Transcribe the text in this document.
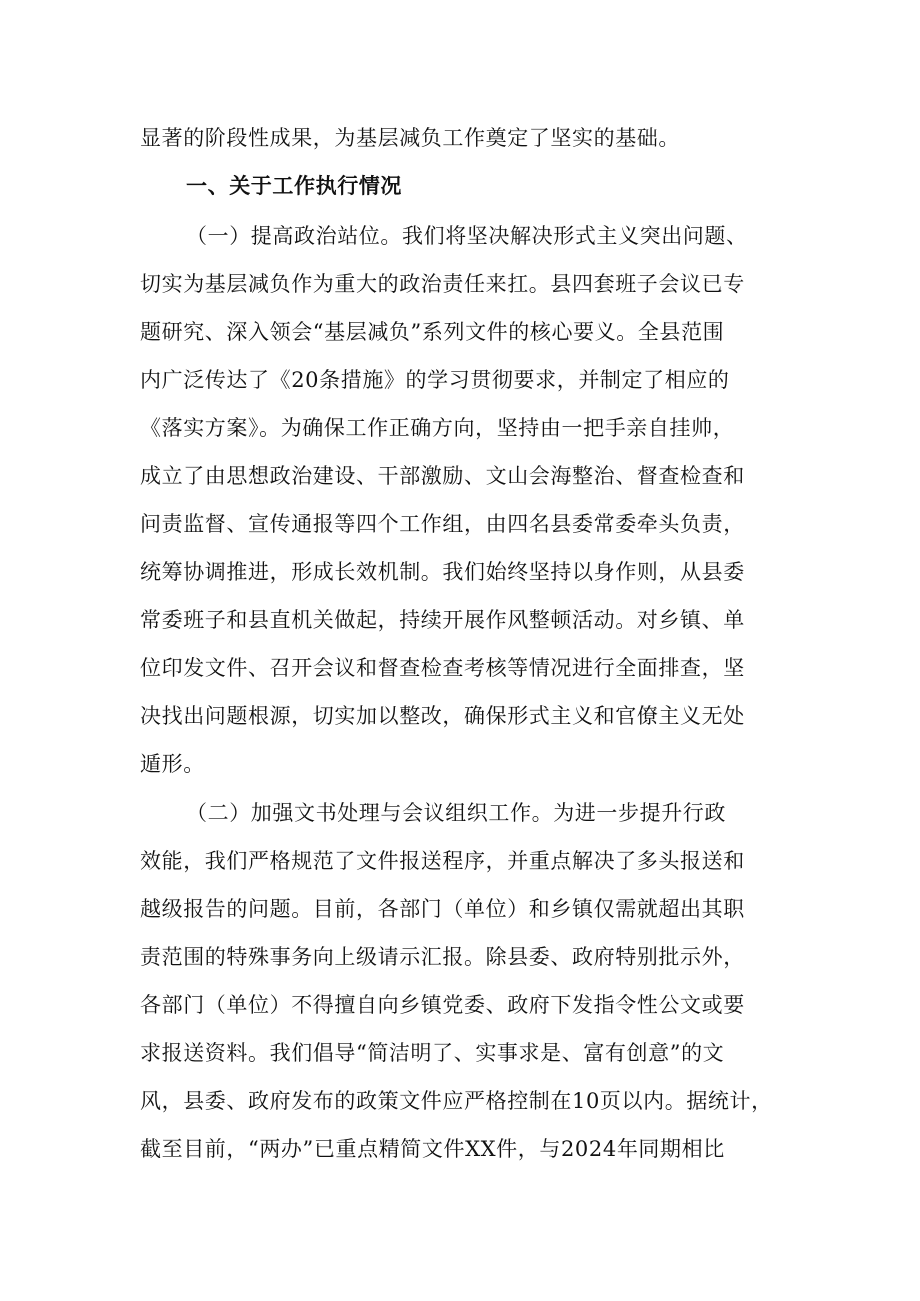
显著的阶段性成果，为基层减负工作奠定了坚实的基础。
一、关于工作执行情况
（一）提高政治站位。我们将坚决解决形式主义突出问题、
切实为基层减负作为重大的政治责任来扛。县四套班子会议已专
题研究、深入领会“基层减负”系列文件的核心要义。全县范围
内广泛传达了《20条措施》的学习贯彻要求，并制定了相应的
《落实方案》。为确保工作正确方向，坚持由一把手亲自挂帅，
成立了由思想政治建设、干部激励、文山会海整治、督查检查和
问责监督、宣传通报等四个工作组，由四名县委常委牵头负责，
统筹协调推进，形成长效机制。我们始终坚持以身作则，从县委
常委班子和县直机关做起，持续开展作风整顿活动。对乡镇、单
位印发文件、召开会议和督查检查考核等情况进行全面排查，坚
决找出问题根源，切实加以整改，确保形式主义和官僚主义无处
遁形。
（二）加强文书处理与会议组织工作。为进一步提升行政
效能，我们严格规范了文件报送程序，并重点解决了多头报送和
越级报告的问题。目前，各部门（单位）和乡镇仅需就超出其职
责范围的特殊事务向上级请示汇报。除县委、政府特别批示外，
各部门（单位）不得擅自向乡镇党委、政府下发指令性公文或要
求报送资料。我们倡导“简洁明了、实事求是、富有创意”的文
风，县委、政府发布的政策文件应严格控制在10页以内。据统计，
截至目前，“两办”已重点精简文件XX件，与2024年同期相比
